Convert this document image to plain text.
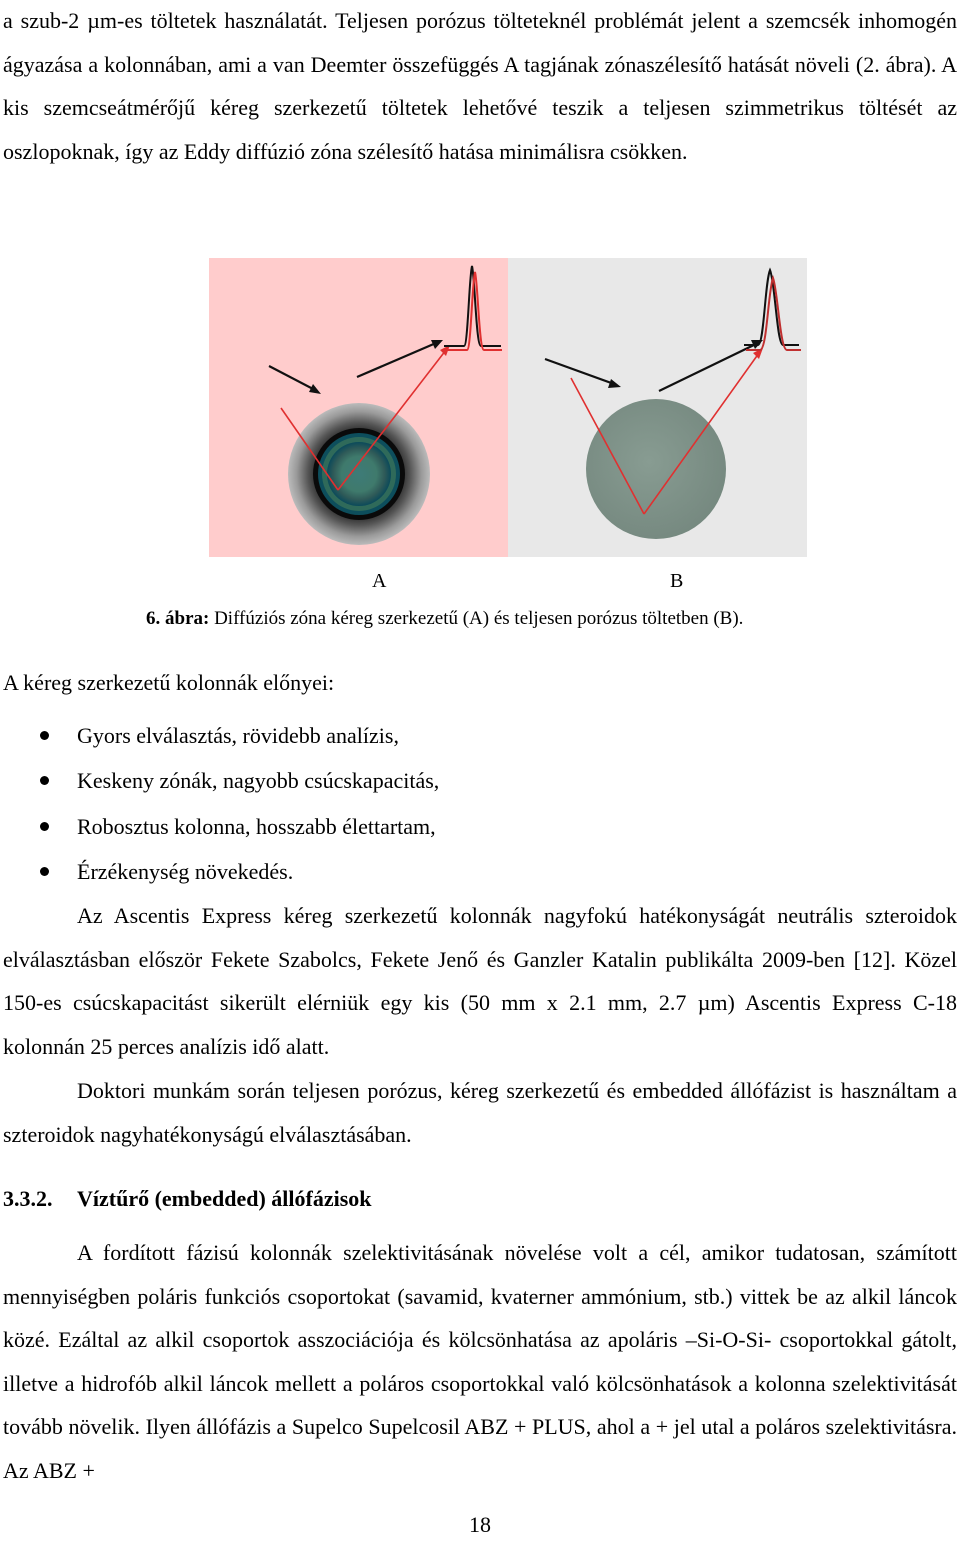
a szub-2 µm-es töltetek használatát. Teljesen porózus tölteteknél problémát jelent a szemcsék inhomogén ágyazása a kolonnában, ami a van Deemter összefüggés A tagjának zónaszélesítő hatását növeli (2. ábra). A kis szemcseátmérőjű kéreg szerkezetű töltetek lehetővé teszik a teljesen szimmetrikus töltését az oszlopoknak, így az Eddy diffúzió zóna szélesítő hatása minimálisra csökken.

A	B
6. ábra: Diffúziós zóna kéreg szerkezetű (A) és teljesen porózus töltetben (B).
A kéreg szerkezetű kolonnák előnyei:
Gyors elválasztás, rövidebb analízis,
Keskeny zónák, nagyobb csúcskapacitás,
Robosztus kolonna, hosszabb élettartam,
Érzékenység növekedés.

Az Ascentis Express kéreg szerkezetű kolonnák nagyfokú hatékonyságát neutrális szteroidok elválasztásban először Fekete Szabolcs, Fekete Jenő és Ganzler Katalin publikálta 2009-ben [12]. Közel 150-es csúcskapacitást sikerült elérniük egy kis (50 mm x 2.1 mm, 2.7 µm) Ascentis Express C-18 kolonnán 25 perces analízis idő alatt.

Doktori munkám során teljesen porózus, kéreg szerkezetű és embedded állófázist is használtam a szteroidok nagyhatékonyságú elválasztásában.

3.3.2. Víztűrő (embedded) állófázisok

A fordított fázisú kolonnák szelektivitásának növelése volt a cél, amikor tudatosan, számított mennyiségben poláris funkciós csoportokat (savamid, kvaterner ammónium, stb.) vittek be az alkil láncok közé. Ezáltal az alkil csoportok asszociációja és kölcsönhatása az apoláris –Si-O-Si- csoportokkal gátolt, illetve a hidrofób alkil láncok mellett a poláros csoportokkal való kölcsönhatások a kolonna szelektivitását tovább növelik. Ilyen állófázis a Supelco Supelcosil ABZ + PLUS, ahol a + jel utal a poláros szelektivitásra. Az ABZ +

18
